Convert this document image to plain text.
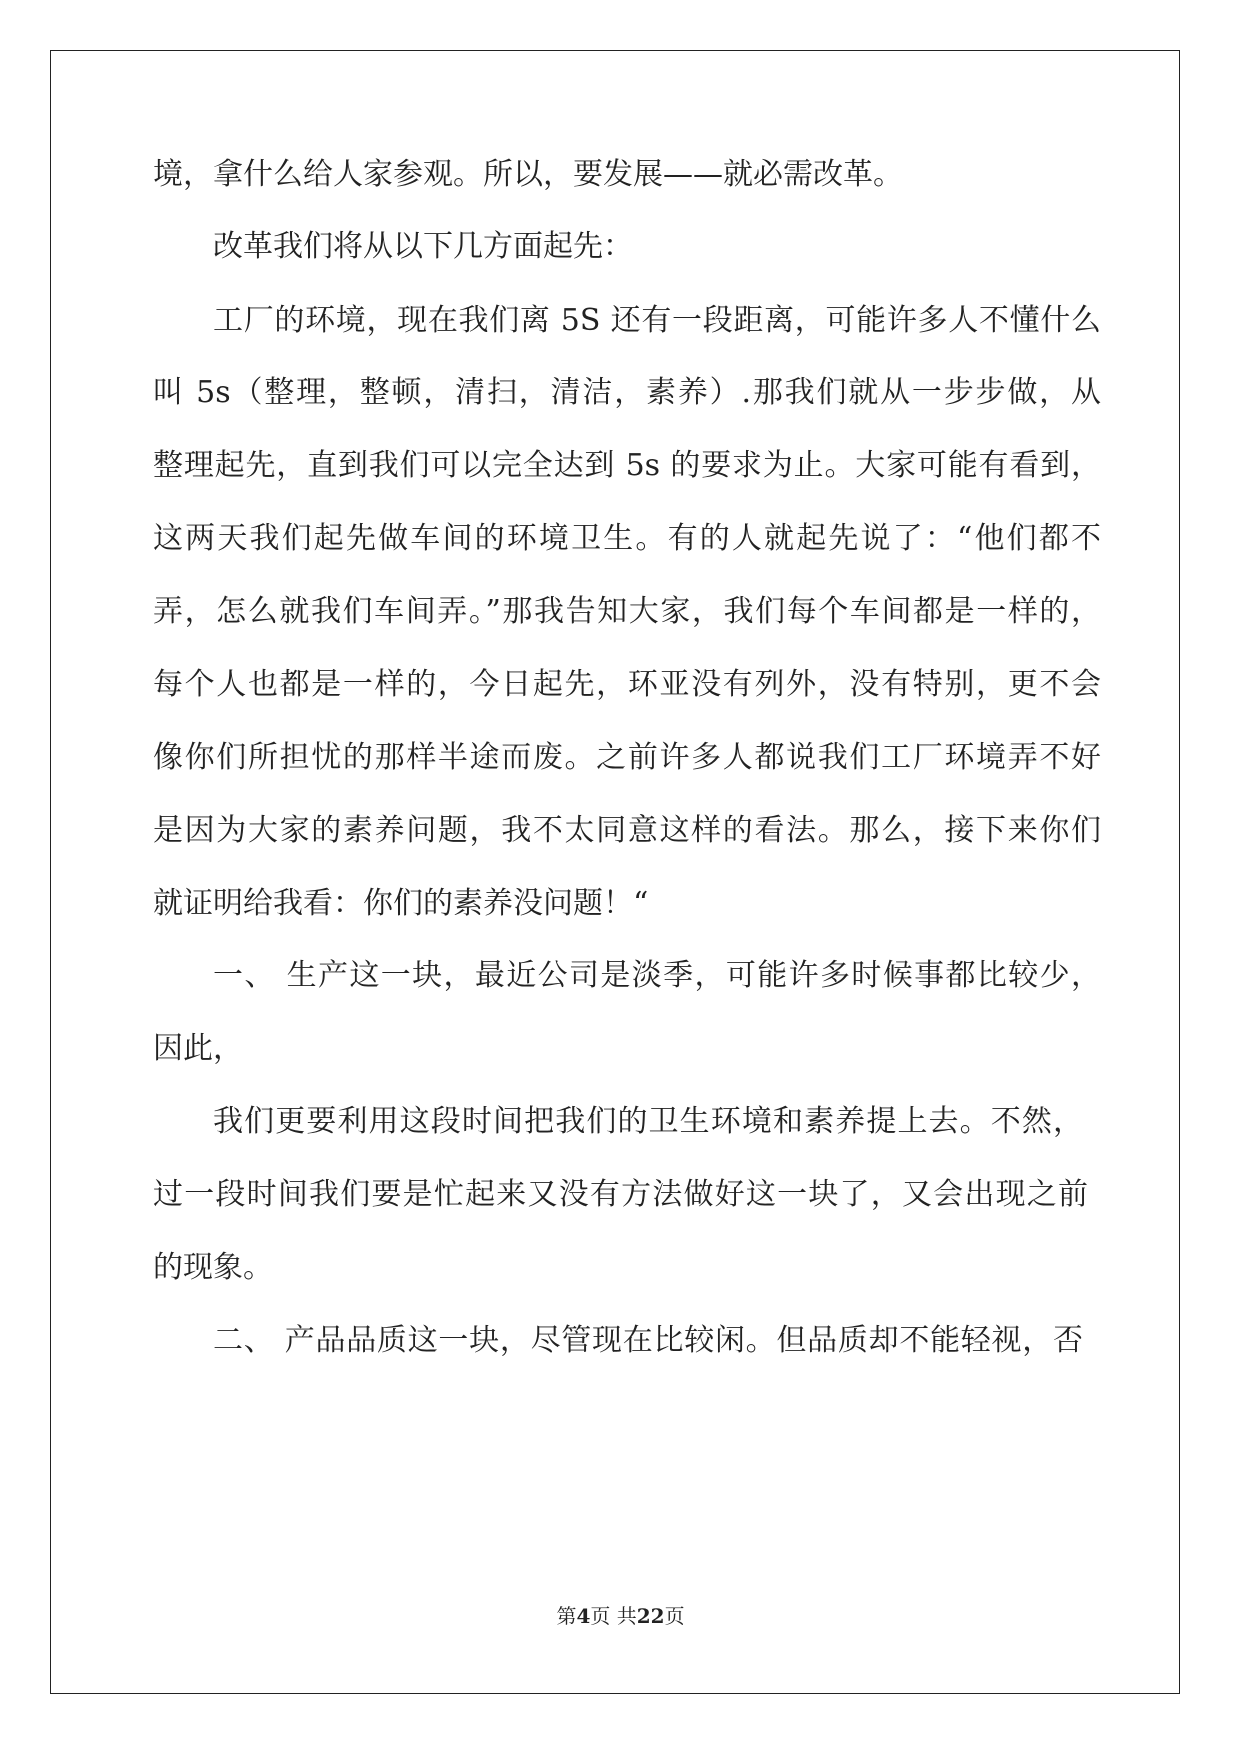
境，拿什么给人家参观。所以，要发展——就必需改革。
改革我们将从以下几方面起先：
工厂的环境，现在我们离 5S 还有一段距离，可能许多人不懂什么
叫 5s（整理，整顿，清扫，清洁，素养）.那我们就从一步步做，从
整理起先，直到我们可以完全达到 5s 的要求为止。大家可能有看到，
这两天我们起先做车间的环境卫生。有的人就起先说了：“他们都不
弄，怎么就我们车间弄。”那我告知大家，我们每个车间都是一样的，
每个人也都是一样的，今日起先，环亚没有列外，没有特别，更不会
像你们所担忧的那样半途而废。之前许多人都说我们工厂环境弄不好
是因为大家的素养问题，我不太同意这样的看法。那么，接下来你们
就证明给我看：你们的素养没问题！“
一、 生产这一块，最近公司是淡季，可能许多时候事都比较少，
因此，
我们更要利用这段时间把我们的卫生环境和素养提上去。不然，
过一段时间我们要是忙起来又没有方法做好这一块了，又会出现之前
的现象。
二、 产品品质这一块，尽管现在比较闲。但品质却不能轻视，否
第4页 共22页
